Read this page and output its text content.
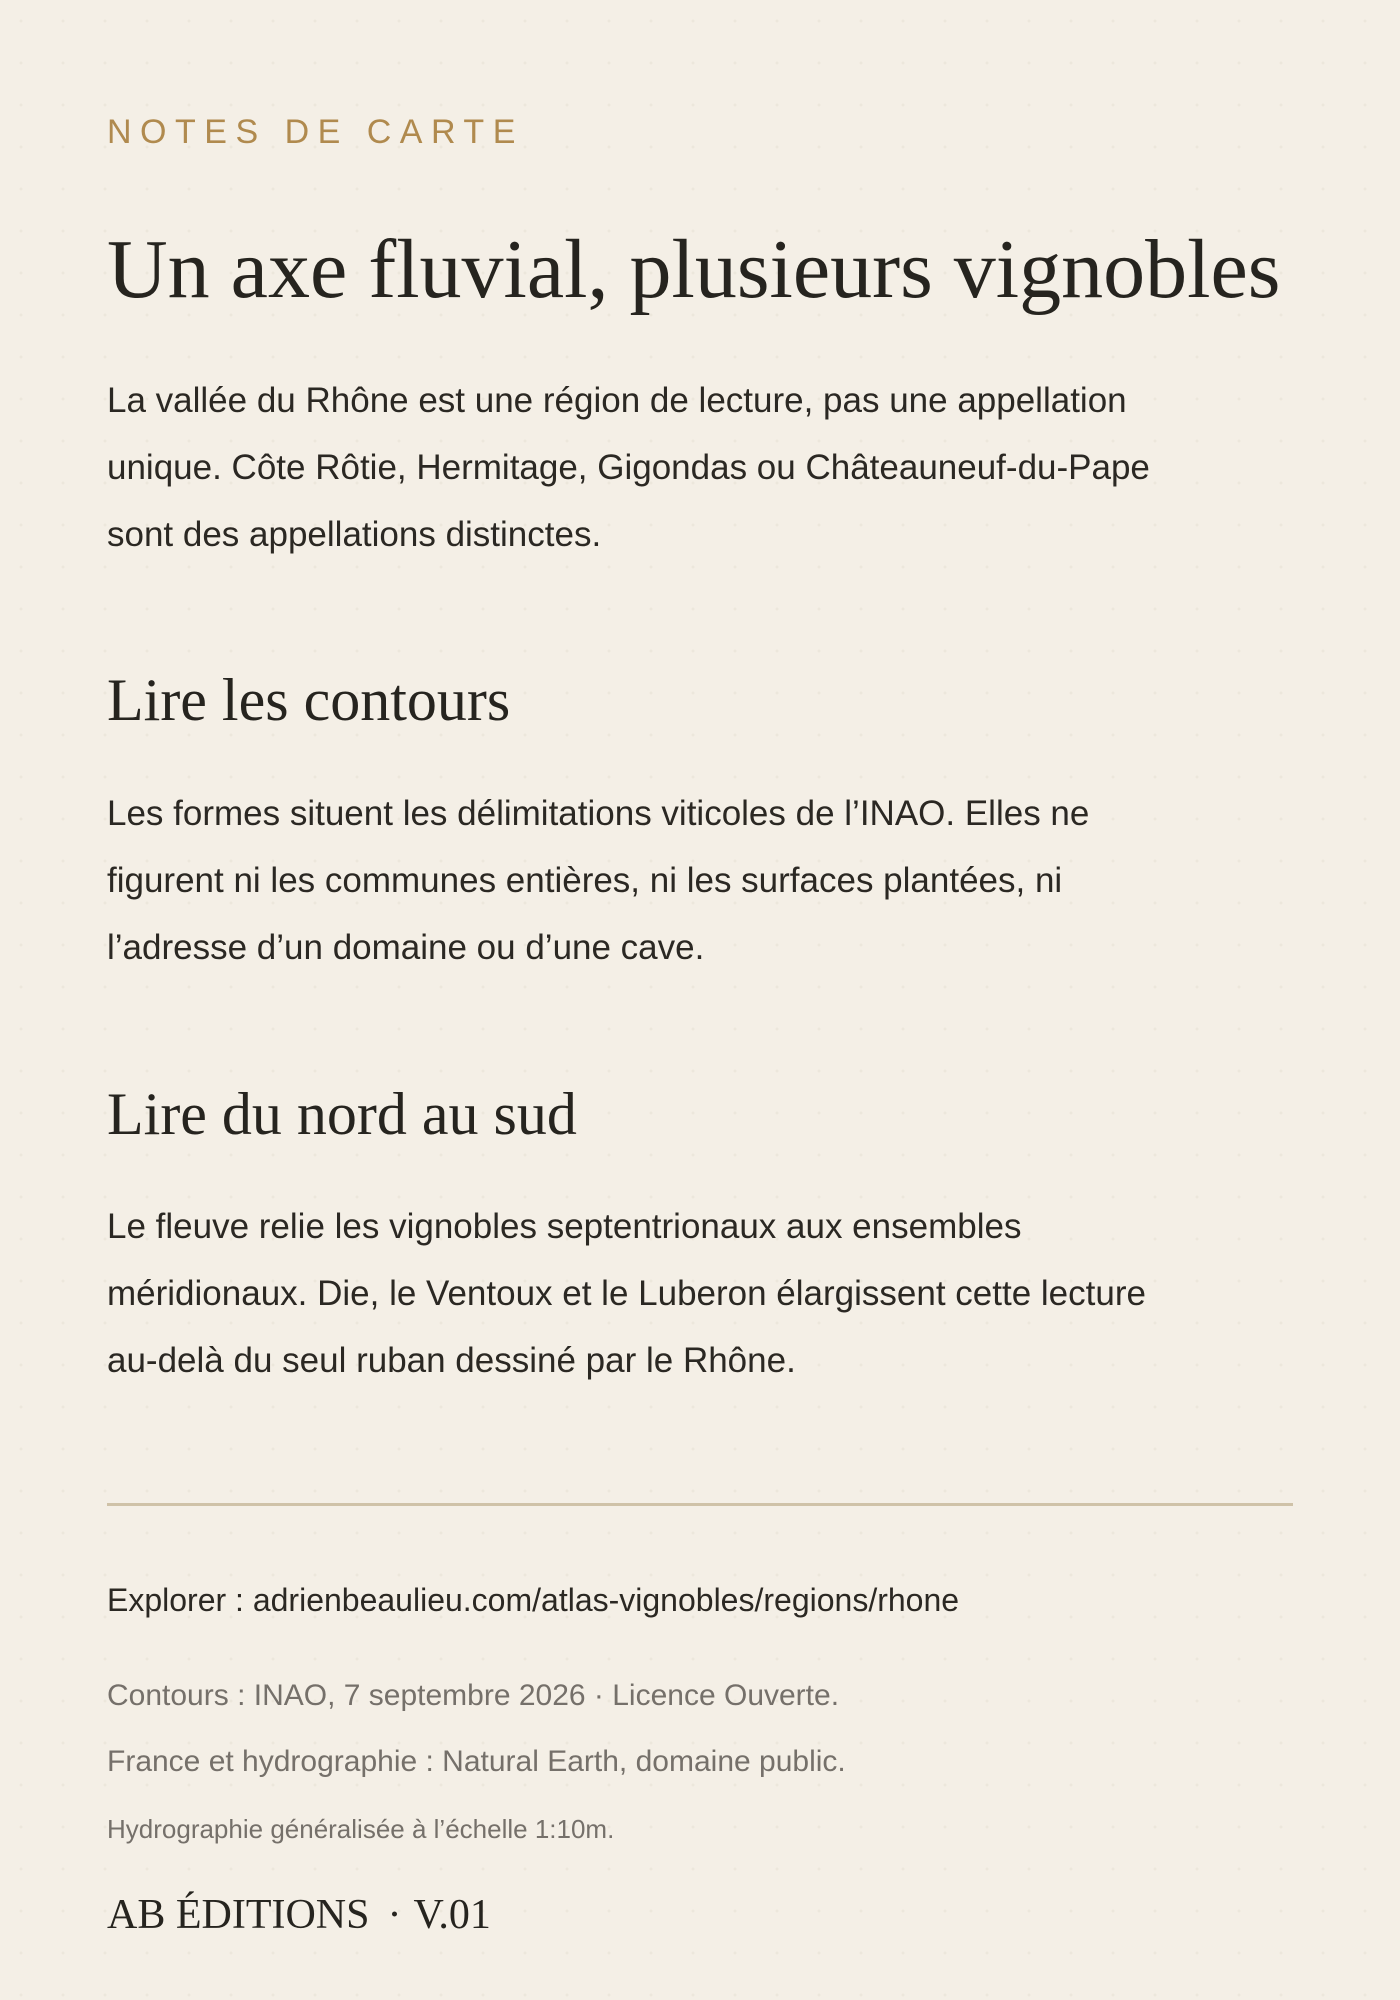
NOTES DE CARTE
Un axe fluvial, plusieurs vignobles

La vallée du Rhône est une région de lecture, pas une appellation unique. Côte Rôtie, Hermitage, Gigondas ou Châteauneuf-du-Pape sont des appellations distinctes.

Lire les contours

Les formes situent les délimitations viticoles de l’INAO. Elles ne figurent ni les communes entières, ni les surfaces plantées, ni l’adresse d’un domaine ou d’une cave.

Lire du nord au sud

Le fleuve relie les vignobles septentrionaux aux ensembles méridionaux. Die, le Ventoux et le Luberon élargissent cette lecture au-delà du seul ruban dessiné par le Rhône.

Explorer : adrienbeaulieu.com/atlas-vignobles/regions/rhone

Contours : INAO, 7 septembre 2026 · Licence Ouverte.

France et hydrographie : Natural Earth, domaine public.

Hydrographie généralisée à l’échelle 1:10m.

AB ÉDITIONS · V.01
